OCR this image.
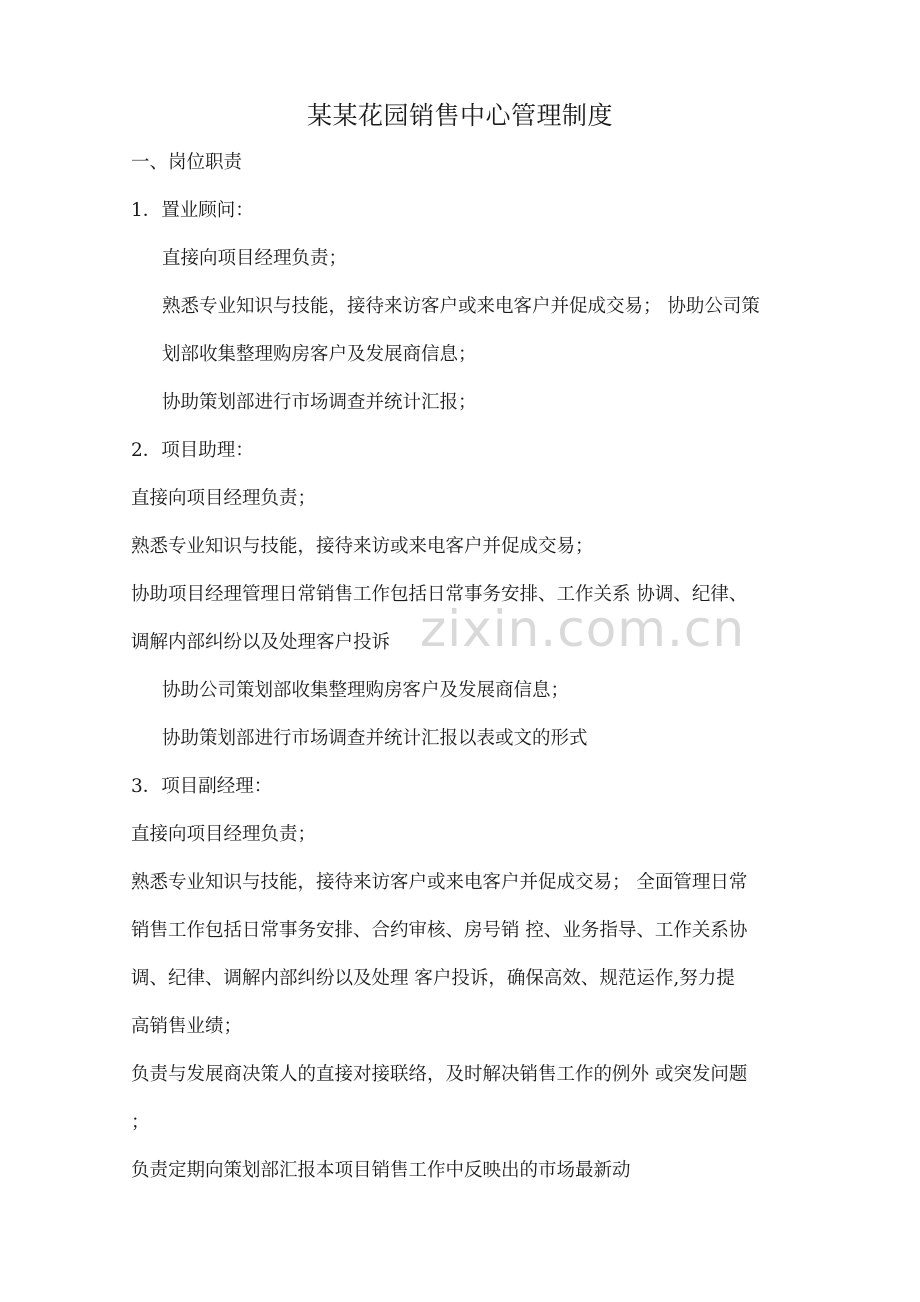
某某花园销售中心管理制度
一、岗位职责
1．置业顾问：
直接向项目经理负责；
熟悉专业知识与技能，接待来访客户或来电客户并促成交易； 协助公司策
划部收集整理购房客户及发展商信息；
协助策划部进行市场调查并统计汇报；
2．项目助理：
直接向项目经理负责；
熟悉专业知识与技能，接待来访或来电客户并促成交易；
协助项目经理管理日常销售工作包括日常事务安排、工作关系 协调、纪律、
调解内部纠纷以及处理客户投诉
协助公司策划部收集整理购房客户及发展商信息；
协助策划部进行市场调查并统计汇报以表或文的形式
3．项目副经理：
直接向项目经理负责；
熟悉专业知识与技能，接待来访客户或来电客户并促成交易； 全面管理日常
销售工作包括日常事务安排、合约审核、房号销 控、业务指导、工作关系协
调、纪律、调解内部纠纷以及处理 客户投诉，确保高效、规范运作,努力提
高销售业绩；
负责与发展商决策人的直接对接联络，及时解决销售工作的例外 或突发问题
；
负责定期向策划部汇报本项目销售工作中反映出的市场最新动
zixin.com.cn
